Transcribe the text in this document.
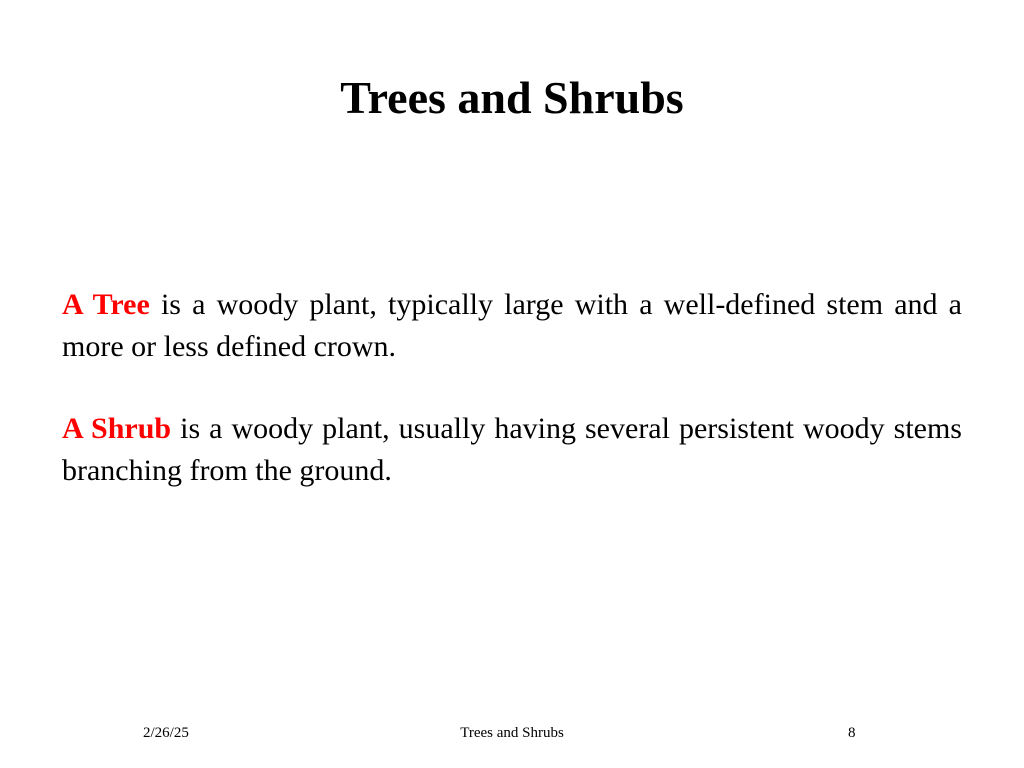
Trees and Shrubs

A Tree is a woody plant, typically large with a well-defined stem and a more or less defined crown.

A Shrub is a woody plant, usually having several persistent woody stems branching from the ground.

2/26/25	Trees and Shrubs	8
